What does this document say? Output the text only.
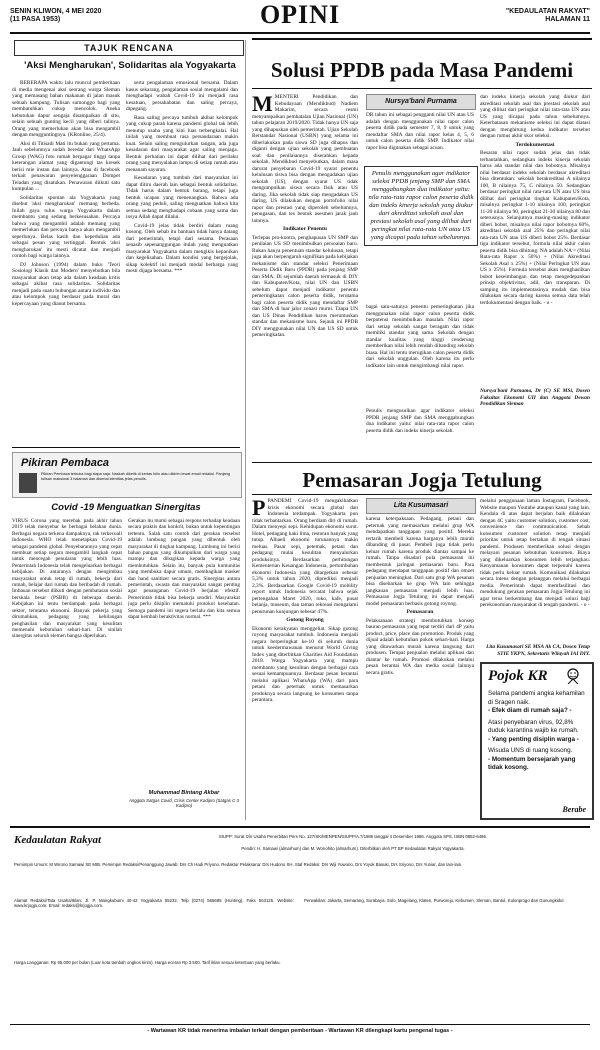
SENIN KLIWON, 4 MEI 2020
(11 PASA 1953)	OPINI	"KEDAULATAN RAKYAT"
HALAMAN 11
TAJUK RENCANA
'Aksi Mengharukan', Solidaritas ala Yogyakarta

BEBERAPA waktu lalu muncul pemberitaan di media mengenai aksi seorang warga Sleman yang memasang bahan makanan di jalan masuk sebuah kampung. Tulisan sumonggo bagi yang membutuhkan cukup mencolok. Aneka kebutuhan dapur sengaja disampaikan di situ, selain sebuah gunting kecil yang diberi talinya. Orang yang memerlukan akan bisa mengambil dengan mengguntingnya. (KRonline, 25/4).

Aksi di Titisadi Mati itu bukan yang pertama. Jauh sebelumnya sudah beredar dari WhatsApp Group (WAG) foto rumah berpagar tinggi tanpa keterangan alamat yang digantungi tas kresek berisi mie instan dan lainnya. Atau di facebook terkait penawaran penyelenggaraan Dompet Teladan yang disatukan. Penawaran diikuti satu kumpulan ...

Solidaritas spontan ala Yogyakarta yang disebut 'aksi mengharukan' memang berbeda. Inilah gaya tulus warga Yogyakarta dalam membantu yang sedang berkesusahan. Percaya bahwa yang mengambil adalah memang yang memerlukan dan percaya hanya akan mengambil seperlunya. Belas kasih dan kepedulian ada sebagai pesan yang tertinggal. Bentuk 'aksi mengharukan' itu mesti dicatat dan menjadi contoh bagi warga lainnya.

DJ Johnson (1994) dalam buku 'Teori Sosiologi Klasik dan Modern' menyebutkan bila masyarakat akan tetap ada dalam keadaan kritis sebagai akibat rasa solidaritas. Solidaritas menjadi pada suatu hubungan antara individu dan atau kelompok yang berdasar pada moral dan kepercayaan yang dianut bersama.

serta pengalaman emosional bersama. Dalam kasus sekarang, pengalaman sosial mengalami dan menghadapi wabah Covid-19 ini menjadi rasa kesatuan, persahabatan dan saling percaya, dipegang.

Rasa saling percaya tumbuh akibat kelompok yang cukup parah karena pandemi global tak lebih menutup usaha yang kini luas terbengkalai. Hal inilah yang membuat rasa persaudaraan makin kuat. Selain saling mengulurkan tangan, ada juga kesadaran dari masyarakat agar saling menjaga. Bentuk perhatian ini dapat dilihat dari perilaku orang yang menyalakan lampu di setiap rumah atau menanam sayuran.

Kesadaran yang tumbuh dari masyarakat ini dapat ditiru daerah lain sebagai bentuk solidaritas. Tidak harus dalam bentuk barang, tetapi juga bentuk ucapan yang menenangkan. Bahwa ada orang yang peduli, saling menguatkan bahwa kita semua sedang menghadapi cobaan yang sama dan insya Allah dapat dilalui.

Covid-19 jelas tidak berdiri dalam ruang kosong. Oleh sebab itu bantuan tidak hanya datang dari pemerintah, tetapi dari sesama. Perasaan senasib sepenanggungan itulah yang menguatkan masyarakat Yogyakarta dalam mengikis kepanikan dan kegelisahan. Dalam kondisi yang bergejolak, sikap kolektif ini menjadi modal berharga yang mesti dijaga bersama. ***

Pikiran Pembaca
Pikiran Pembaca terbuka bagi siapa saja. Naskah diketik di kertas folio atau dikirim lewat email redaksi. Panjang tulisan maksimal 3 halaman dan disertai identitas jelas penulis.
Covid -19 Menguatkan Sinergitas
VIRUS Corona yang merebak pada akhir tahun 2019 telah menyebar ke berbagai belahan dunia. Berbagai negara terkena dampaknya, tak terkecuali Indonesia. WHO telah menetapkan Covid-19 sebagai pandemi global. Penyebarannya yang cepat membuat setiap negara mengambil langkah cepat untuk mencegah penularan yang lebih luas. Pemerintah Indonesia telah mengeluarkan berbagai kebijakan. Di antaranya dengan mengimbau masyarakat untuk tetap di rumah, bekerja dari rumah, belajar dari rumah dan beribadah di rumah. Imbauan tersebut diikuti dengan pembatasan sosial berskala besar (PSBB) di beberapa daerah. Kebijakan ini tentu berdampak pada berbagai sektor, terutama ekonomi. Banyak pekerja yang dirumahkan, pedagang yang kehilangan penghasilan dan masyarakat yang kesulitan memenuhi kebutuhan sehari-hari. Di sinilah sinergitas seluruh elemen bangsa diperlukan.
Gerakan itu mumi sebagai respons terhadap keadaan secara praktis dan konkrit, bukan untuk kepentingan tertentu. Salah satu contoh dari gerakan tersebut adalah lumbung pangan yang dibentuk oleh masyarakat di tingkat kampung. Lumbung ini berisi bahan pangan yang dikumpulkan dari warga yang mampu dan dibagikan kepada warga yang membutuhkan. Selain itu, banyak pula komunitas yang membuka dapur umum, membagikan masker dan hand sanitizer secara gratis. Sinergitas antara pemerintah, swasta dan masyarakat sangat penting agar penanganan Covid-19 berjalan efektif. Pemerintah tidak bisa bekerja sendiri. Masyarakat juga perlu disiplin mematuhi protokol kesehatan. Semoga pandemi ini segera berlalu dan kita semua dapat kembali beraktivitas normal. ***
Muhammad Bintang Akbar
Anggota Satgas Covid, Crisis Center Kadipro (Satgas C-3 Kadipro)
Solusi PPDB pada Masa Pandemi
MMENTERI Pendidikan dan Kebudayaan (Mendikbud) Nadiem Makarim, secara resmi menyampaikan pembatalan Ujian Nasional (UN) tahun pelajaran 2019/2020. Tidak hanya UN saja yang dihapuskan oleh pemerintah. Ujian Sekolah Berstandar Nasional (USBN) yang selama ini diberlakukan pada siswa SD juga dihapus dan diganti dengan ujian sekolah yang pembuatan soal dan penilaiannya diserahkan kepada sekolah. Mendikbud menyebutkan, dalam masa darurat penyebaran Covid-19 syarat penentu kelulusan siswa bisa dengan mengadakan ujian sekolah (US), dengan syarat US tidak mengumpulkan siswa secara fisik atau US daring. Jika sekolah tidak siap mengadakan US daring, US dilakukan dengan portofolio nilai rapor dan prestasi yang diperoleh sebelumnya, penugasan, dan tes bentuk asesmen jarak jauh lainnya.
Indikator Penentu
Terlepas pro-kontra, penghapusan UN SMP dan penilaian US SD menimbulkan persoalan baru. Bukan hanya penentuan standar kelulusan, tetapi juga akan berpengaruh signifikan pada kebijakan mekanisme dan standar seleksi Penerimaan Peserta Didik Baru (PPDB) pada jenjang SMP dan SMA. Di sejumlah daerah termasuk di DIY dan Kabupaten/Kota, nilai UN dan USBN sebelum dapat menjadi indikator penentu pemeringkatan calon peserta didik, terutama bagi calon peserta didik yang mendaftar SMP dan SMA di luar jalur zonasi murni. Tanpa UN dan US Dinas Pendidikan harus merumuskan standar dan mekanisme baru. Sejauh ini PPDB DIY menggunakan nilai UN dan US SD untuk pemeringkatan.
Nursya'bani Purnama
DB tahun ini sebagai pengganti nilai UN atau US adalah dengan menggunakan nilai rapor calon peserta didik pada semester 7, 8, 9 untuk yang mendaftar SMA dan nilai rapor kelas 4, 5, 6 untuk calon peserta didik SMP. Indikator nilai rapor bisa digunakan sebagai acuan.
Penulis menggunakan agar indikator seleksi PPDB jenjang SMP dan SMA menggabungkan dua indikator yaitu: nila rata-rata rapor calon peserta didik dan indeks kinerja sekolah yang diukur dari akreditasi sekolah asal dan prestasi sekolah asal yang dilihat dari peringkat nilai rata-rata UN atau US yang dicapai pada tahun sebelumnya.
bagai satu-satunya penentu pemeringkatan jika menggunakan nilai rapor calon peserta didik berpotensi menimbulkan masalah. Nilai rapor dari setiap sekolah sangat beragam dan tidak memiliki standar yang sama. Sekolah dengan standar kualitas yang tinggi cenderung memberikan nilai lebih rendah dibanding sekolah biasa. Hal ini tentu merugikan calon peserta didik dari sekolah unggulan. Oleh karena itu perlu indikator lain untuk mengimbangi nilai rapor.
Penulis mengusulkan agar indikator seleksi PPDB jenjang SMP dan SMA menggabungkan dua indikator yaitu: nilai rata-rata rapor calon peserta didik dan indeks kinerja sekolah.
dan indeks kinerja sekolah yang diukur dari akreditasi sekolah asal dan prestasi sekolah asal yang dilihat dari peringkat nilai rata-rata UN atau US yang dicapai pada tahun sebelumnya. Keterbatasan mekanisme seleksi ini dapat diatasi dengan menghitung kedua indikator tersebut dengan rumus akhir skor seleksi.
Terdokumentasi
Besaran nilai rapor sudah jelas dan tidak terbantahkan, sedangkan indeks kinerja sekolah harus ada standar nilai dan bobotnya. Misalnya nilai berdasar indeks sekolah berdasar akreditasi bisa ditentukan: sekolah berakreditasi A nilainya 100, B nilainya 75, C nilainya 50. Sedangkan berdasar peringkat nilai rata-rata UN atau US bisa dilihat dari peringkat tingkat Kabupaten/Kota, misalnya peringkat 1-10 nilainya 100, peringkat 11-20 nilainya 90, peringkat 21-30 nilainya 80 dan seterusnya. Selanjutnya masing-masing indikator diberi bobot, misalnya nilai rapor bobotnya 60%, akreditasi sekolah asal 25% dan peringkat nilai rata-rata UN atau US diberi bobot 25%. Berdasar tiga indikator tersebut, formula nilai akhir calon peserta didik bisa dihitung: NA adalah NA = (Nilai Rata-rata Rapor x 50%) + (Nilai Akreditasi Sekolah Asal x 25%) + (Nilai Peringkat UN atau US x 25%). Formula tersebut akan menghasilkan bobot keseimbangan dan tetap mengedepankan prinsip objektivitas, adil, dan transparan. Di samping itu implementasinya mudah dan bisa dilakukan secara daring karena semua data telah terdokumentasi dengan baik. - o -
Nursya'bani Purnama, Dr (C) SE MSi, Dosen Fakultas Ekonomi UII dan Anggota Dewan Pendidikan Sleman
Pemasaran Jogja Tetulung
PPANDEMI Covid-19 mengakibatkan krisis ekonomi secara global dan Indonesia terdampak. Yogyakarta pun tidak terbantarkan. Orang berdiam diri di rumah. Dalam menyepi sepi. Kehidupan ekonomi surut. Hotel, pedagang kaki lima, restoran banyak yang tutup. Albaeli ekonomi turunannya makin meluas. Pasar sepi, petemak, petani dan pedagang mulai kesulitan menyalurkan produksinya. Berdasarkan perhitungan Kementerian Keuangan Indonesia, pertumbuhan ekonomi Indonesia yang ditargetkan sebesar 5,3% untuk tahun 2020, diprediksi menjadi 2,3%. Berdasarkan Google Covid-19 mobility report untuk Indonesia tercatat bahwa sejak pertengahan Maret 2020, toko, kafe, pusat belanja, museum, dan taman rekreasi mengalami penurunan kunjungan sebesar 47%.
Gotong Royong
Ekonomi kerakyatan menggeliat. Sikap gotong royong masyarakat tumbuh. Indonesia menjadi negara berperingkat ke-10 di seluruh dunia untuk keedermawanan menurut World Giving Index yang diterbitkan Charities Aid Foundation 2018. Warga Yogyakarta yang mampu membantu yang kesulitan dengan berbagai cara sesuai kemampuannya. Berdasar pesan berantai melalui aplikasi WhatsApp (WA) dari para petani dan peternak untuk memasarkan produknya secara langsung ke konsumen tanpa perantara.
Lita Kusumasari
karena keterpaksaan. Pedagang, petani dan peternak yang memasarkan melalui grup WA mendapatkan tanggapan yang positif. Mereka tertarik membeli karena harganya lebih murah dibanding di pasar. Pembeli juga tidak perlu keluar rumah karena produk diantar sampai ke rumah. Tanpa disadari pola pemasaran ini membentuk jaringan pemasaran baru. Para pedagang mendapat tanggapan positif dan omzet penjualan meningkat. Dari satu grup WA pesanan bisa disebarkan ke grup WA lain sehingga jangkauan pemasaran menjadi lebih luas. Pemasaran Jogja Tetulung ini dapat menjadi model pemasaran berbasis gotong royong.
Pemasaran
Pelaksanaan strategi membutuhkan konsep bauran pemasaran yang tepat terdiri dari 4P yaitu product, price, place dan promotion. Produk yang dijual adalah kebutuhan pokok sehari-hari. Harga yang ditawarkan murah karena langsung dari produsen. Tempat penjualan melalui aplikasi dan diantar ke rumah. Promosi dilakukan melalui pesan berantai WA dan media sosial lainnya secara gratis.
melalui penggunaan laman Instagram, Facebook, Website maupun Youtube ataupun kanal yang lain. Kendala di atas dapat berjalan baik dilakukan dengan 4C yaitu customer solution, customer cost, convenience dan communication. Sebab konsumen customer solution tetap menjadi prioritas untuk tetap bertahan di tengah situasi pandemi. Produsen memberikan solusi dengan melayani pesanan kebutuhan konsumen. Biaya yang dikeluarkan konsumen lebih terjangkau. Kenyamanan konsumen dapat terpenuhi karena tidak perlu keluar rumah. Komunikasi dilakukan secara intens dengan pelanggan melalui berbagai media. Pemerintah dapat memfasilitasi dan mendukung gerakan pemasaran Jogja Tetulung ini agar terus berkembang dan menjadi solusi bagi perekonomian masyarakat di tengah pandemi. - o -
Lita Kusumasari SE MSA Ak CA, Dosen Tetap STIE YKPN, Sekretaris Wilayah IAI DIY.
Pojok KR
Selama pandemi angka kehamilan di Sragen naik.
- Efek diam di rumah saja? -
Atasi penyebaran virus, 92,8% duduk karantina wajib ke rumah.
- Yang penting disiplin warga -
Wisuda UNS di ruang kosong.
- Momentum bersejarah yang tidak kosong.
Berabe
Kedaulatan Rakyat	SIUPP: Surat Izin Usaha Penerbitan Pers No. 127/SK/MENPEN/SIUPP/A.7/1986 tanggal 4 Desember 1986. Anggota SPS. ISBN 0852-6486.
Pendiri: H. Samawi (almarhum) dan M. Wonohito (almarhum). Diterbitkan oleh PT BP Kedaulatan Rakyat Yogyakarta.
Pemimpin Umum: M Wirono Samawi SE MIB. Pemimpin Redaksi/Penanggung Jawab: Drs Ch Hadi Priyono. Redaktur Pelaksana: Drs Hudono SH. Staf Redaksi: Drs Wiji Yuwono, Drs Yoyok Basuki, Drs Sriyono, Drs Yuniar, dan lain-lain.
Alamat Redaksi/Tata Usaha/Iklan: Jl. P. Mangkubumi 40-42 Yogyakarta 55232. Telp (0274) 565685 (Hunting). Faks 563125. Website: www.krjogja.com. Email: redaksi@krjogja.com.
Harga Langganan: Rp 95.000 per bulan (Luar kota tambah ongkos kirim). Harga eceran Rp 3.500. Tarif iklan sesuai ketentuan yang berlaku.
Perwakilan: Jakarta, Semarang, Surabaya, Solo, Magelang, Klaten, Purworejo, Kebumen, Sleman, Bantul, Kulonprogo dan Gunungkidul.
- Wartawan KR tidak menerima imbalan terkait dengan pemberitaan - Wartawan KR dilengkapi kartu pengenal tugas -
